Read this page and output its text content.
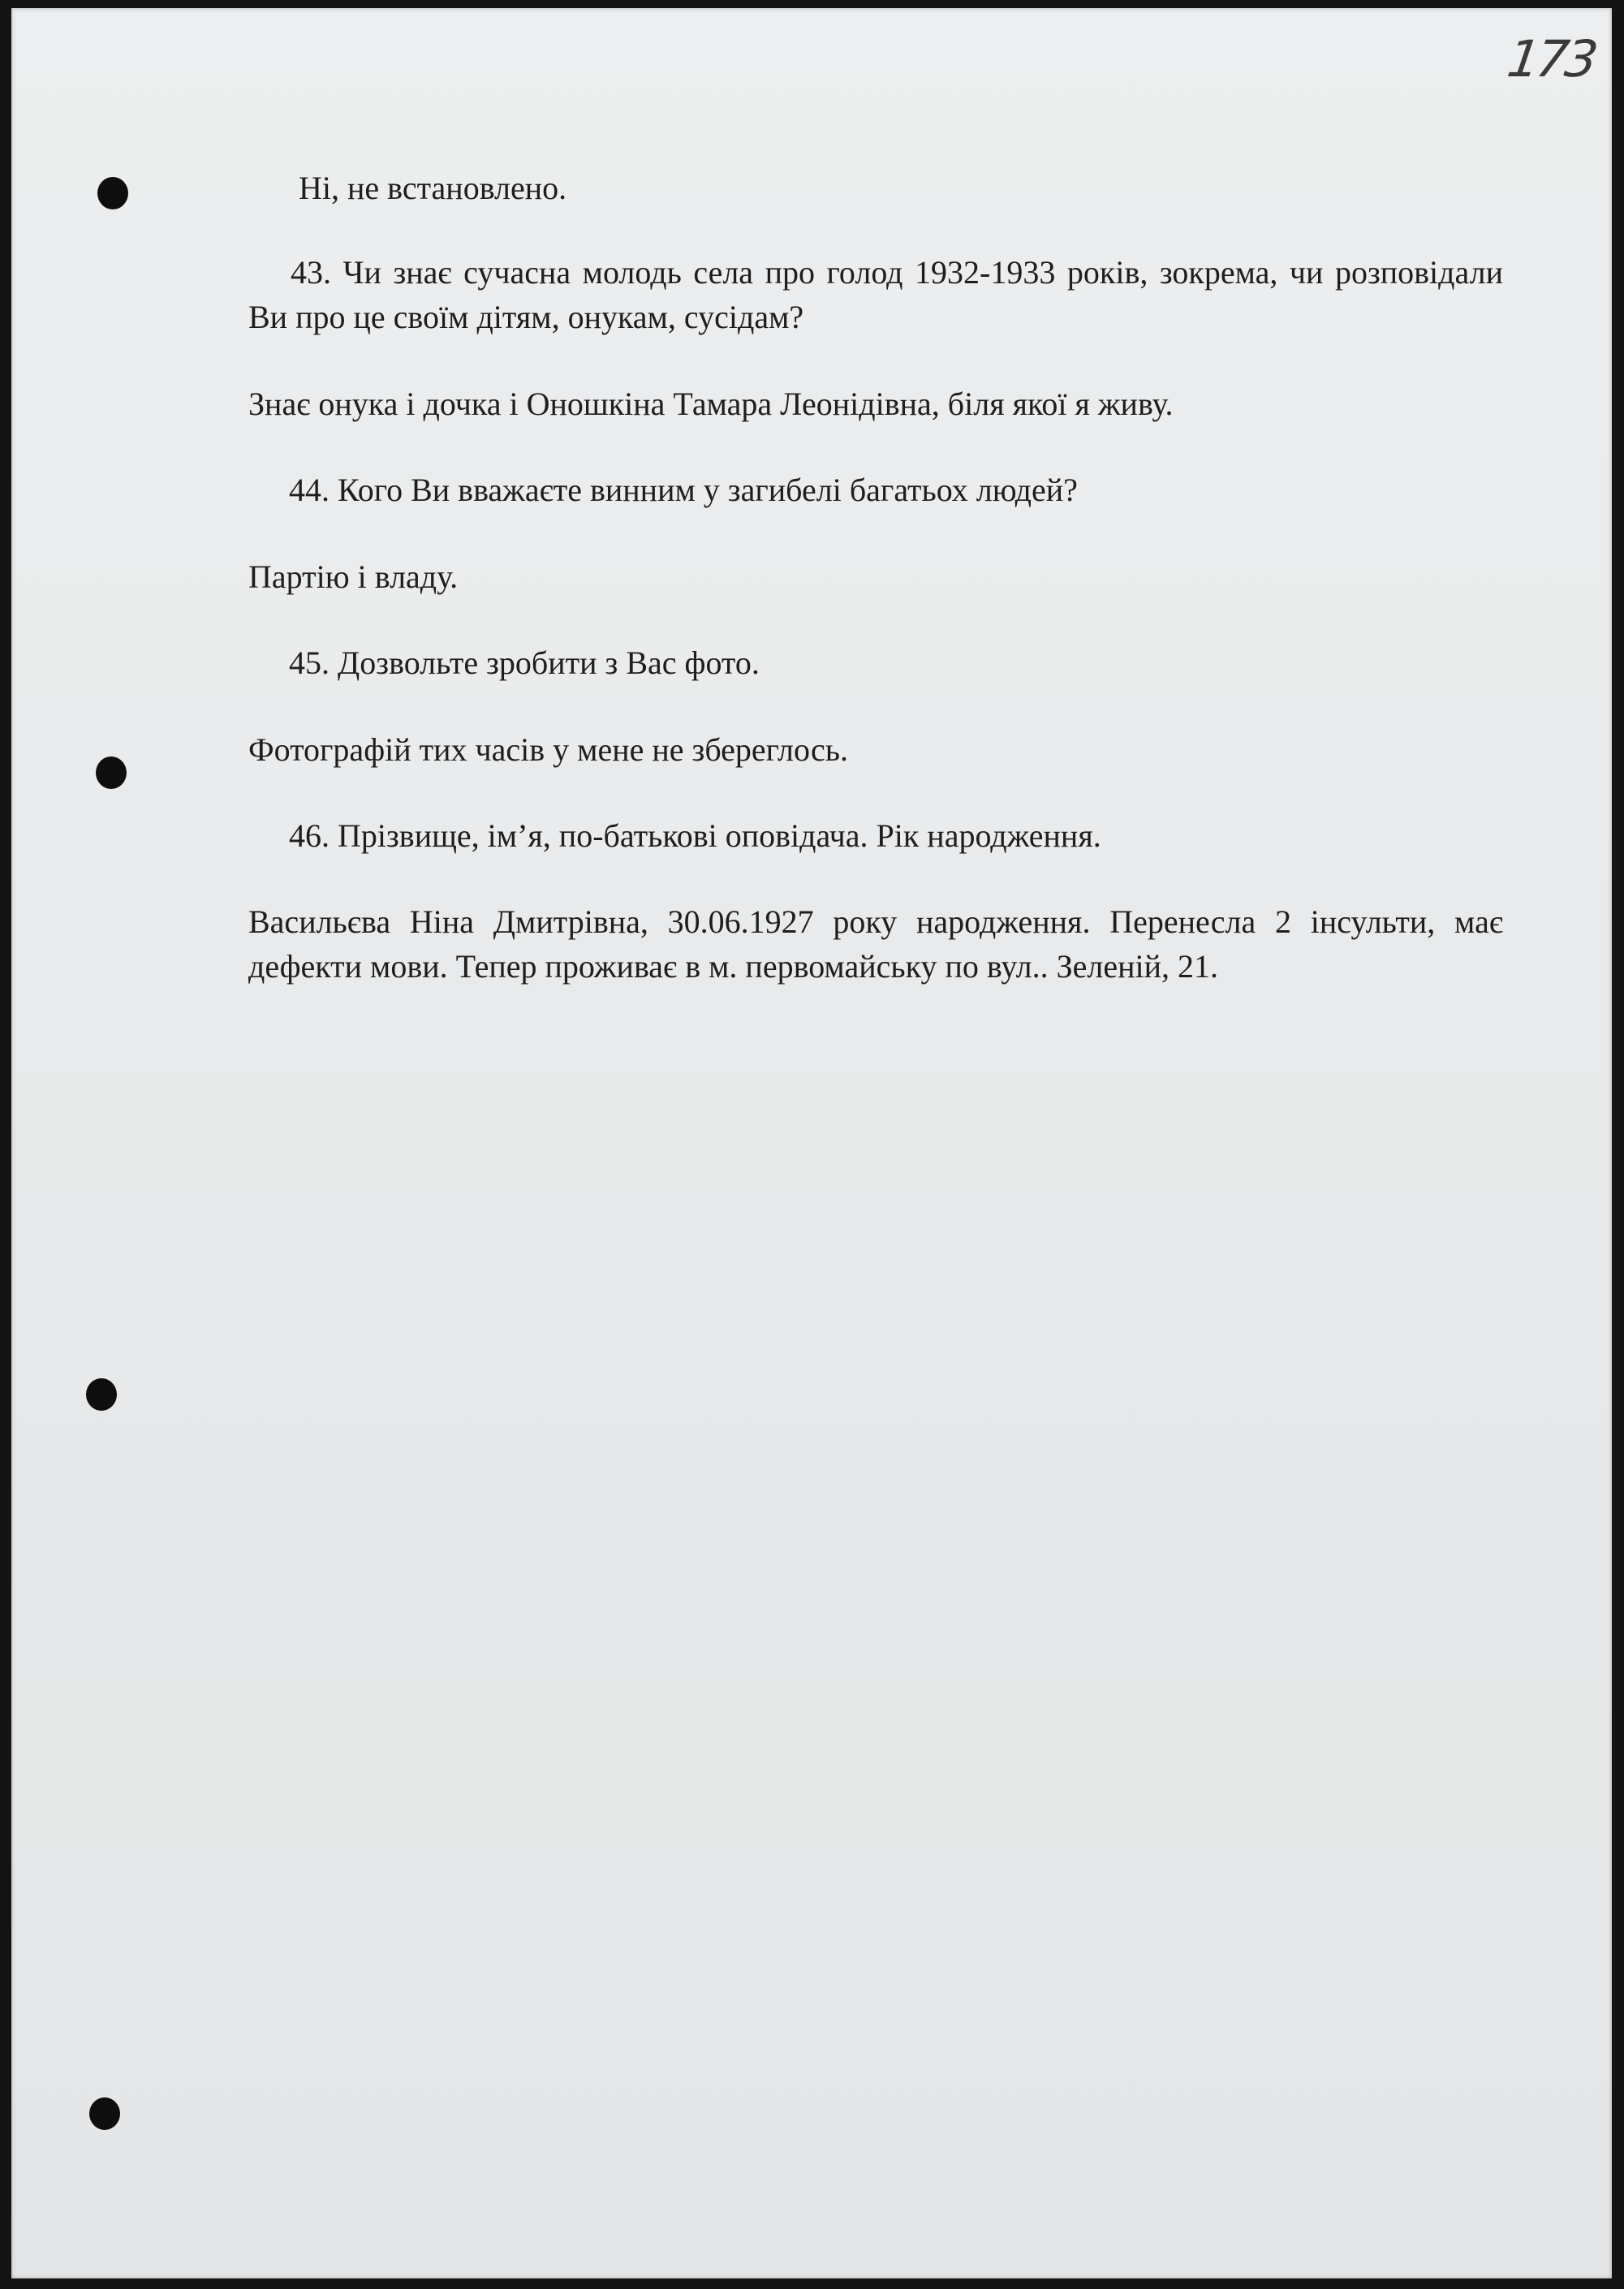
173

Ні, не встановлено.

43. Чи знає сучасна молодь села про голод 1932-1933 років, зокрема, чи розповідали Ви про це своїм дітям, онукам, сусідам?

Знає онука і дочка і Оношкіна Тамара Леонідівна, біля якої я живу.

44. Кого Ви вважаєте винним у загибелі багатьох людей?

Партію і владу.

45. Дозвольте зробити з Вас фото.

Фотографій тих часів у мене не збереглось.

46. Прізвище, ім’я, по-батькові оповідача. Рік народження.

Васильєва Ніна Дмитрівна, 30.06.1927 року народження. Перенесла 2 інсульти, має дефекти мови. Тепер проживає в м. первомайську по вул.. Зеленій, 21.
